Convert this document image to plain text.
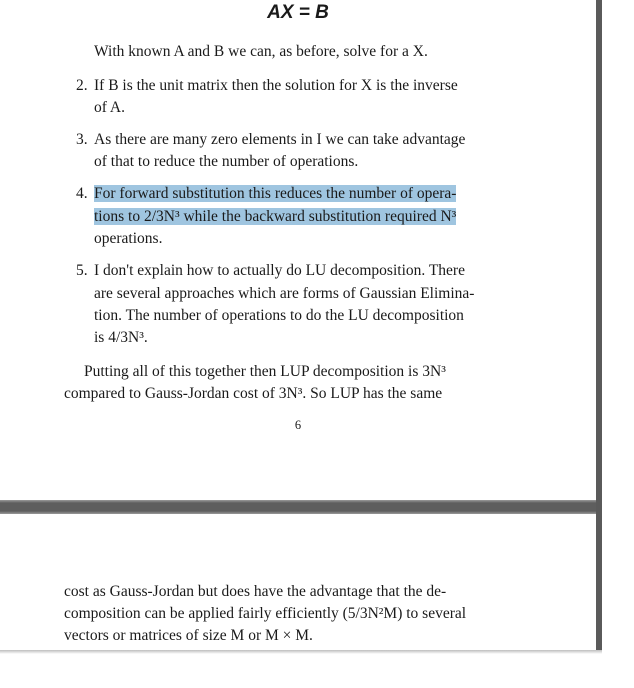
AX = B
With known A and B we can, as before, solve for a X.
2. If B is the unit matrix then the solution for X is the inverse
of A.
3. As there are many zero elements in I we can take advantage
of that to reduce the number of operations.
4. For forward substitution this reduces the number of opera-
tions to 2/3N³ while the backward substitution required N³
operations.
5. I don't explain how to actually do LU decomposition. There
are several approaches which are forms of Gaussian Elimina-
tion. The number of operations to do the LU decomposition
is 4/3N³.
Putting all of this together then LUP decomposition is 3N³
compared to Gauss-Jordan cost of 3N³. So LUP has the same
6
cost as Gauss-Jordan but does have the advantage that the de-
composition can be applied fairly efficiently (5/3N²M) to several
vectors or matrices of size M or M × M.
